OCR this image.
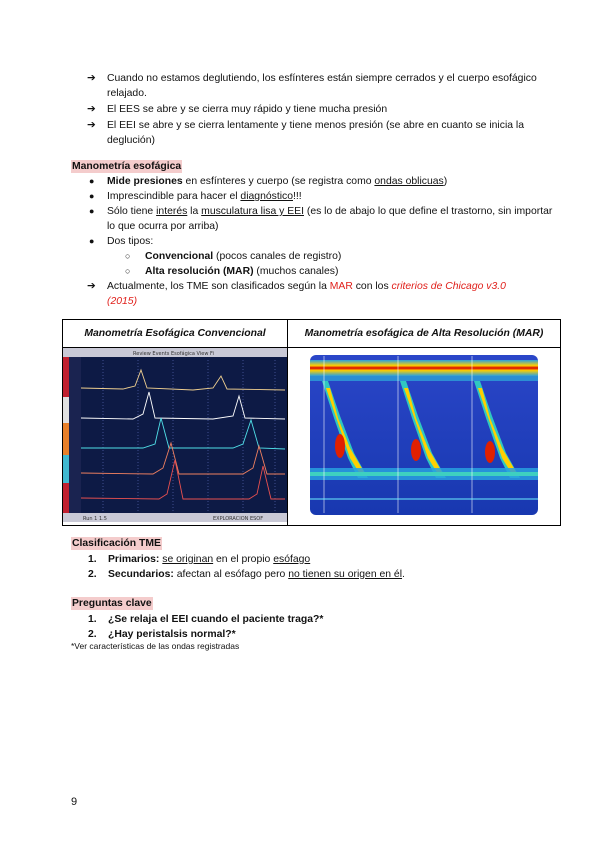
➔ Cuando no estamos deglutiendo, los esfínteres están siempre cerrados y el cuerpo esofágico relajado.
➔ El EES se abre y se cierra muy rápido y tiene mucha presión
➔ El EEI se abre y se cierra lentamente y tiene menos presión (se abre en cuanto se inicia la deglución)
Manometría esofágica
● Mide presiones en esfínteres y cuerpo (se registra como ondas oblicuas)
● Imprescindible para hacer el diagnóstico!!!
● Sólo tiene interés la musculatura lisa y EEI (es lo de abajo lo que define el trastorno, sin importar lo que ocurra por arriba)
● Dos tipos:
○ Convencional (pocos canales de registro)
○ Alta resolución (MAR) (muchos canales)
➔ Actualmente, los TME son clasificados según la MAR con los criterios de Chicago v3.0 (2015)
Manometría Esofágica Convencional	Manometría esofágica de Alta Resolución (MAR)

Review Events Esofágica View Fi
Run 1 1.5 EXPLORACION ESOF

Clasificación TME
1. Primarios: se originan en el propio esófago
2. Secundarios: afectan al esófago pero no tienen su origen en él.
Preguntas clave
1. ¿Se relaja el EEI cuando el paciente traga?*
2. ¿Hay peristalsis normal?*
*Ver características de las ondas registradas
9
